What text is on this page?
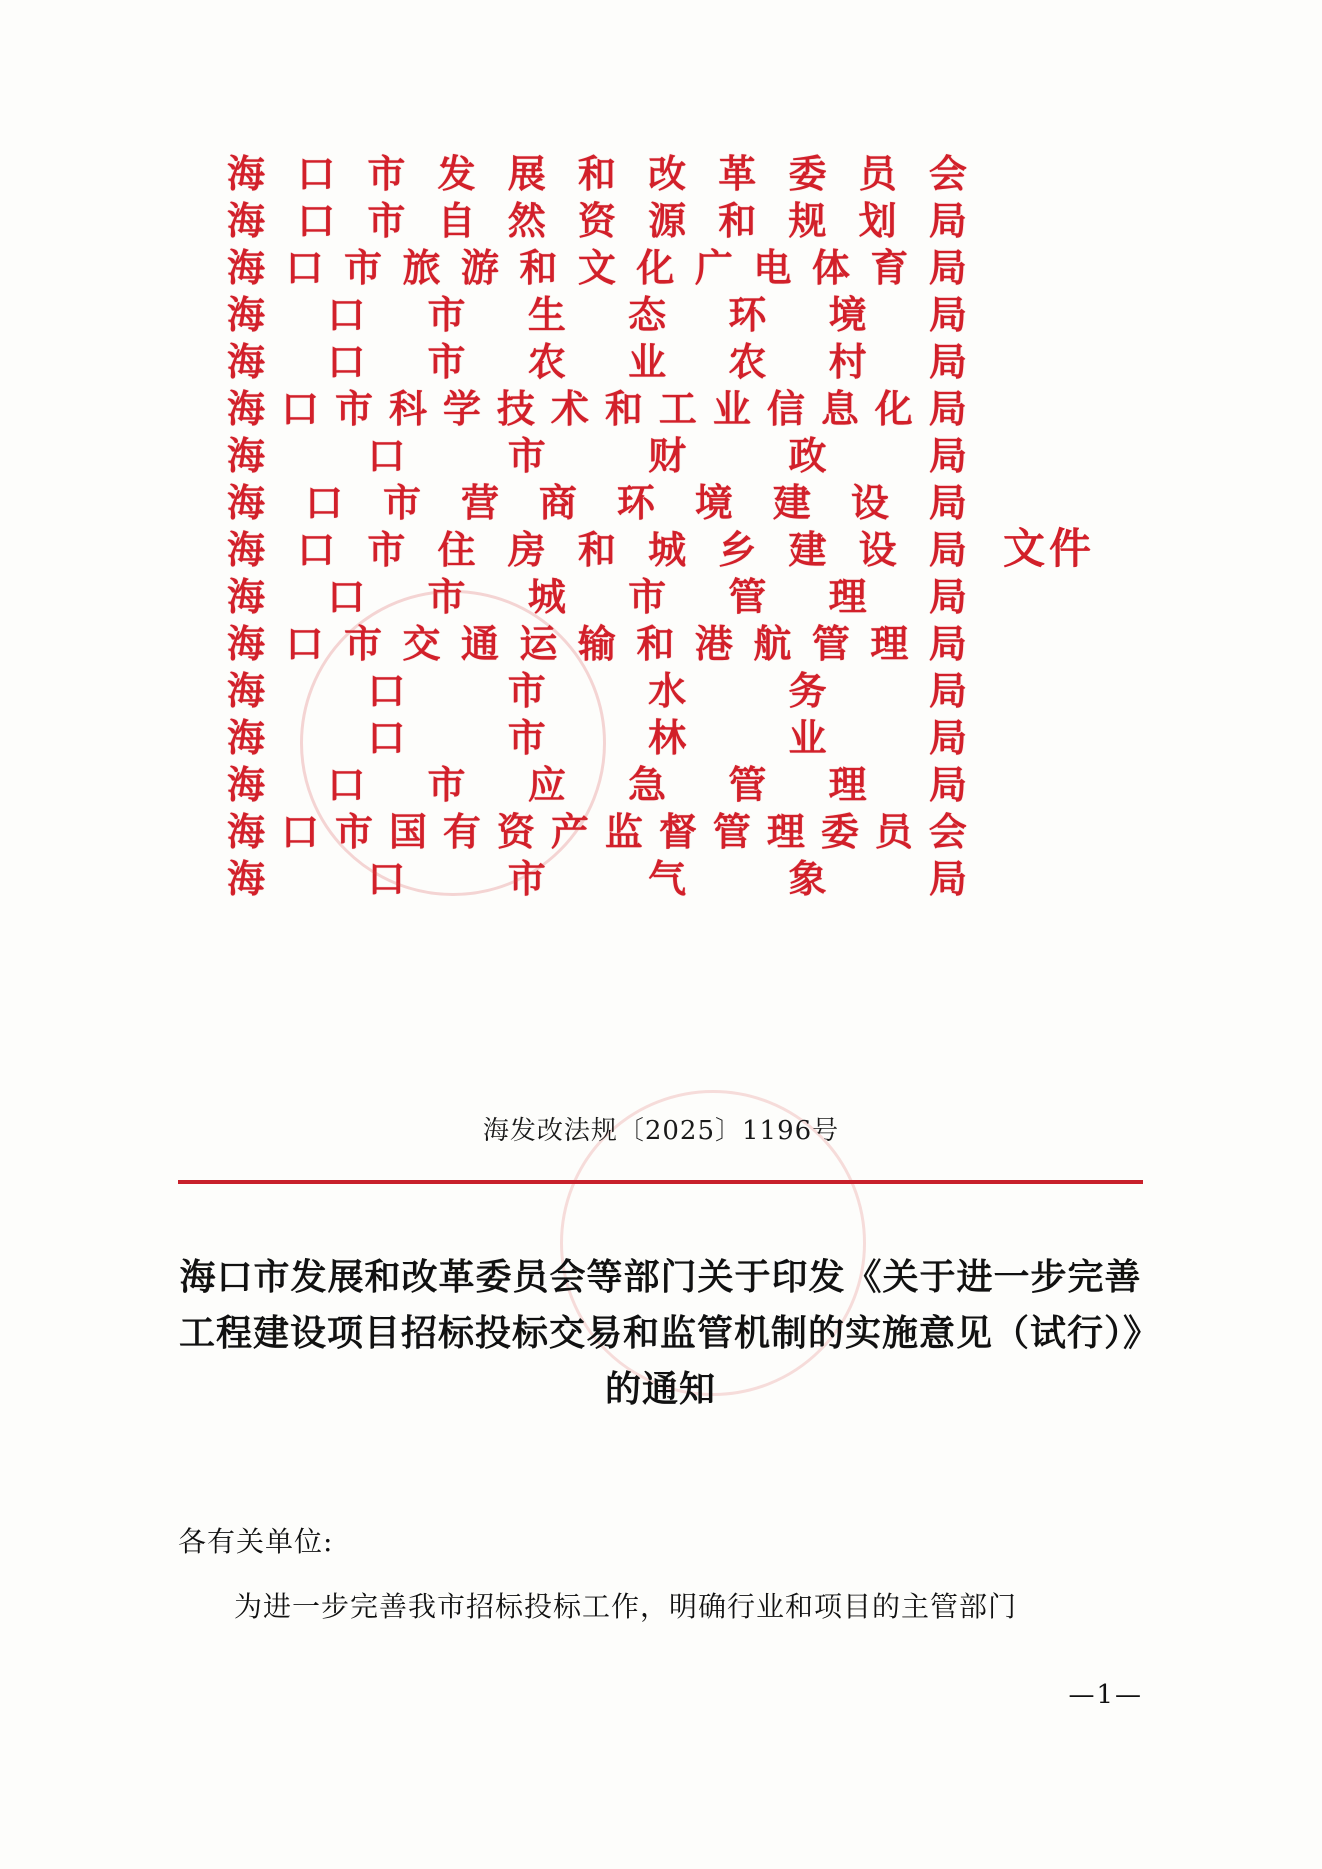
海 口 市 发 展 和 改 革 委 员 会
海 口 市 自 然 资 源 和 规 划 局
海 口 市 旅 游 和 文 化 广 电 体 育 局
海 口 市 生 态 环 境 局
海 口 市 农 业 农 村 局
海 口 市 科 学 技 术 和 工 业 信 息 化 局
海	口	市	财	政	局
海 口 市 营 商 环 境 建 设 局
海 口 市 住 房 和 城 乡 建 设 局
海 口 市 城 市 管 理 局
海 口 市 交 通 运 输 和 港 航 管 理 局
海	口	市	水	务	局
海	口	市	林	业	局
海 口 市 应 急 管 理 局
海 口 市 国 有 资 产 监 督 管 理 委 员 会
海	口	市	气	象	局
文件
海发改法规〔2025〕1196号
海口市发展和改革委员会等部门关于印发《关于进一步完善工程建设项目招标投标交易和监管机制的实施意见（试行）》的通知
各有关单位:
为进一步完善我市招标投标工作，明确行业和项目的主管部门
—1—
